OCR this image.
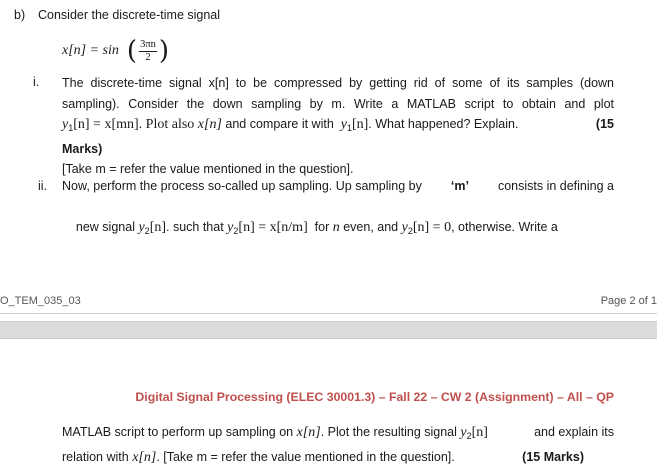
b) Consider the discrete-time signal
x[n] = sin ( $\frac{3\pi n}{2}$ )
i. The discrete-time signal x[n] to be compressed by getting rid of some of its samples (down
sampling). Consider the down sampling by m. Write a MATLAB script to obtain and plot
$y_1[n] = x[mn]$. Plot also x[n] and compare it with  $y_1[n]$. What happened? Explain.	(15
Marks)
[Take m = refer the value mentioned in the question].
ii. Now, perform the process so-called up sampling. Up sampling by ‘m’ consists in defining a

new signal $y_2[n]$. such that $y_2[n] = x[n/m]$  for n even, and $y_2[n] = 0$, otherwise. Write a

O_TEM_035_03	Page 2 of 1
Digital Signal Processing (ELEC 30001.3) – Fall 22 – CW 2 (Assignment) – All – QP
MATLAB script to perform up sampling on x[n]. Plot the resulting signal $y_2[n]$	and explain its
relation with x[n]. [Take m = refer the value mentioned in the question].	(15 Marks)
